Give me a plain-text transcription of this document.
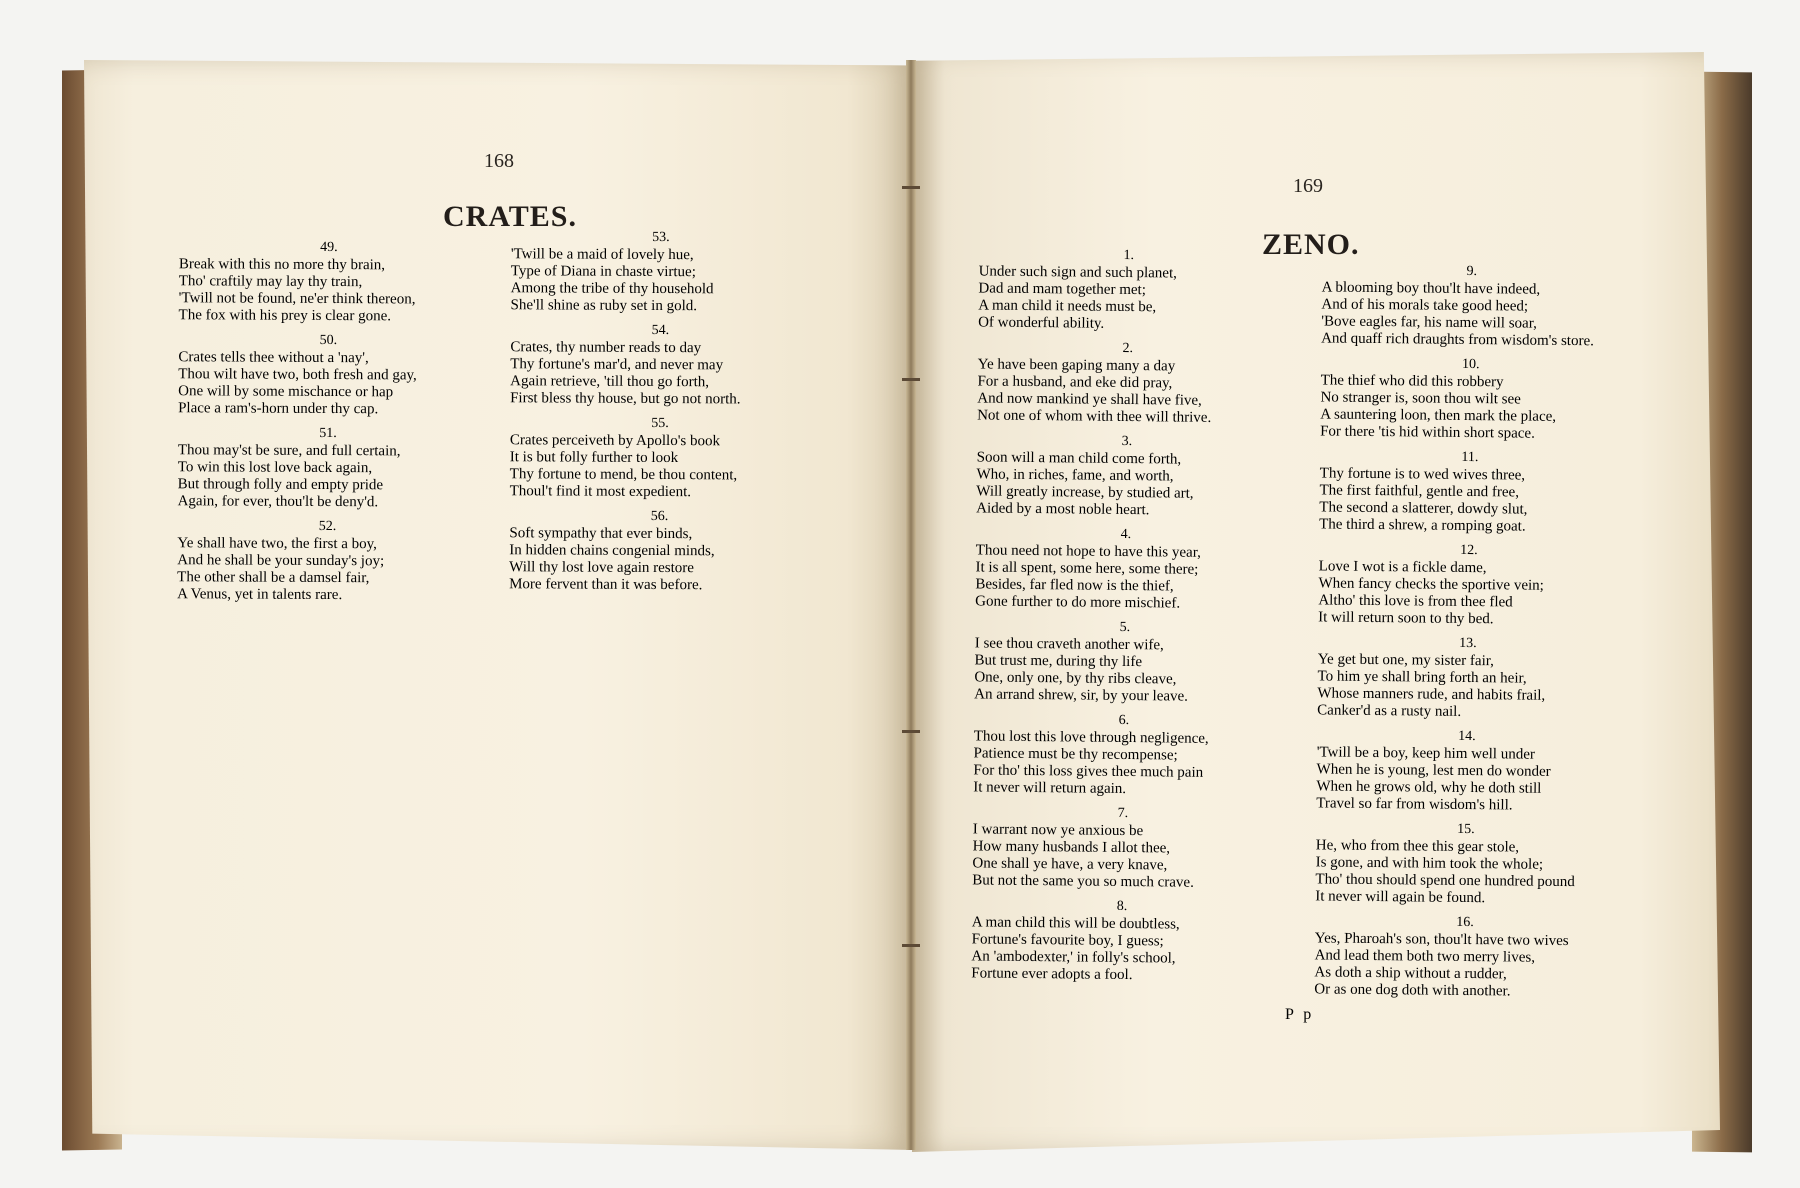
168
CRATES.
49.
Break with this no more thy brain,
Tho' craftily may lay thy train,
'Twill not be found, ne'er think thereon,
The fox with his prey is clear gone.
50.
Crates tells thee without a 'nay',
Thou wilt have two, both fresh and gay,
One will by some mischance or hap
Place a ram's-horn under thy cap.
51.
Thou may'st be sure, and full certain,
To win this lost love back again,
But through folly and empty pride
Again, for ever, thou'lt be deny'd.
52.
Ye shall have two, the first a boy,
And he shall be your sunday's joy;
The other shall be a damsel fair,
A Venus, yet in talents rare.
53.
'Twill be a maid of lovely hue,
Type of Diana in chaste virtue;
Among the tribe of thy household
She'll shine as ruby set in gold.
54.
Crates, thy number reads to day
Thy fortune's mar'd, and never may
Again retrieve, 'till thou go forth,
First bless thy house, but go not north.
55.
Crates perceiveth by Apollo's book
It is but folly further to look
Thy fortune to mend, be thou content,
Thoul't find it most expedient.
56.
Soft sympathy that ever binds,
In hidden chains congenial minds,
Will thy lost love again restore
More fervent than it was before.
169
ZENO.
1.
Under such sign and such planet,
Dad and mam together met;
A man child it needs must be,
Of wonderful ability.
2.
Ye have been gaping many a day
For a husband, and eke did pray,
And now mankind ye shall have five,
Not one of whom with thee will thrive.
3.
Soon will a man child come forth,
Who, in riches, fame, and worth,
Will greatly increase, by studied art,
Aided by a most noble heart.
4.
Thou need not hope to have this year,
It is all spent, some here, some there;
Besides, far fled now is the thief,
Gone further to do more mischief.
5.
I see thou craveth another wife,
But trust me, during thy life
One, only one, by thy ribs cleave,
An arrand shrew, sir, by your leave.
6.
Thou lost this love through negligence,
Patience must be thy recompense;
For tho' this loss gives thee much pain
It never will return again.
7.
I warrant now ye anxious be
How many husbands I allot thee,
One shall ye have, a very knave,
But not the same you so much crave.
8.
A man child this will be doubtless,
Fortune's favourite boy, I guess;
An 'ambodexter,' in folly's school,
Fortune ever adopts a fool.
9.
A blooming boy thou'lt have indeed,
And of his morals take good heed;
'Bove eagles far, his name will soar,
And quaff rich draughts from wisdom's store.
10.
The thief who did this robbery
No stranger is, soon thou wilt see
A sauntering loon, then mark the place,
For there 'tis hid within short space.
11.
Thy fortune is to wed wives three,
The first faithful, gentle and free,
The second a slatterer, dowdy slut,
The third a shrew, a romping goat.
12.
Love I wot is a fickle dame,
When fancy checks the sportive vein;
Altho' this love is from thee fled
It will return soon to thy bed.
13.
Ye get but one, my sister fair,
To him ye shall bring forth an heir,
Whose manners rude, and habits frail,
Canker'd as a rusty nail.
14.
'Twill be a boy, keep him well under
When he is young, lest men do wonder
When he grows old, why he doth still
Travel so far from wisdom's hill.
15.
He, who from thee this gear stole,
Is gone, and with him took the whole;
Tho' thou should spend one hundred pound
It never will again be found.
16.
Yes, Pharoah's son, thou'lt have two wives
And lead them both two merry lives,
As doth a ship without a rudder,
Or as one dog doth with another.
P p
